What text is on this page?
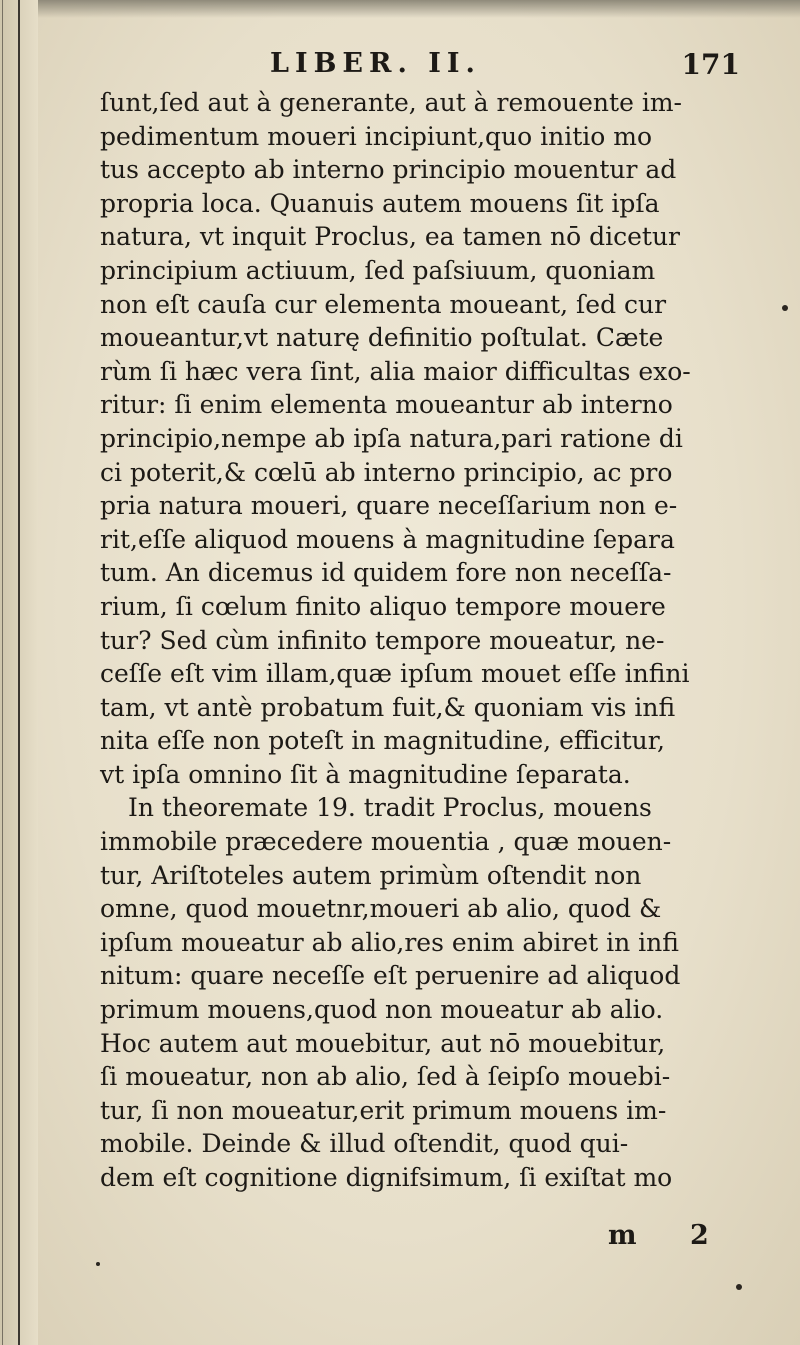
LIBER. II.	171
ſunt,ſed aut à generante, aut à remouente im-
pedimentum moueri incipiunt,quo initio mo
tus accepto ab interno principio mouentur ad
propria loca. Quanuis autem mouens ſit ipſa
natura, vt inquit Proclus, ea tamen nō dicetur
principium actiuum, ſed paſsiuum, quoniam
non eſt cauſa cur elementa moueant, ſed cur
moueantur,vt naturę definitio poſtulat. Cæte
rùm ſi hæc vera ſint, alia maior difficultas exo-
ritur: ſi enim elementa moueantur ab interno
principio,nempe ab ipſa natura,pari ratione di
ci poterit,& cœlū ab interno principio, ac pro
pria natura moueri, quare neceſſarium non e-
rit,eſſe aliquod mouens à magnitudine ſepara
tum. An dicemus id quidem fore non neceſſa-
rium, ſi cœlum finito aliquo tempore mouere
tur? Sed cùm infinito tempore moueatur, ne-
ceſſe eſt vim illam,quæ ipſum mouet eſſe infini
tam, vt antè probatum fuit,& quoniam vis infi
nita eſſe non poteſt in magnitudine, efficitur,
vt ipſa omnino ſit à magnitudine ſeparata.
In theoremate 19. tradit Proclus, mouens
immobile præcedere mouentia , quæ mouen-
tur, Ariſtoteles autem primùm oſtendit non
omne, quod mouetnr,moueri ab alio, quod &
ipſum moueatur ab alio,res enim abiret in infi
nitum: quare neceſſe eſt peruenire ad aliquod
primum mouens,quod non moueatur ab alio.
Hoc autem aut mouebitur, aut nō mouebitur,
ſi moueatur, non ab alio, ſed à ſeipſo mouebi-
tur, ſi non moueatur,erit primum mouens im-
mobile. Deinde & illud oſtendit, quod qui-
dem eſt cognitione dignifsimum, ſi exiſtat mo
m 2
